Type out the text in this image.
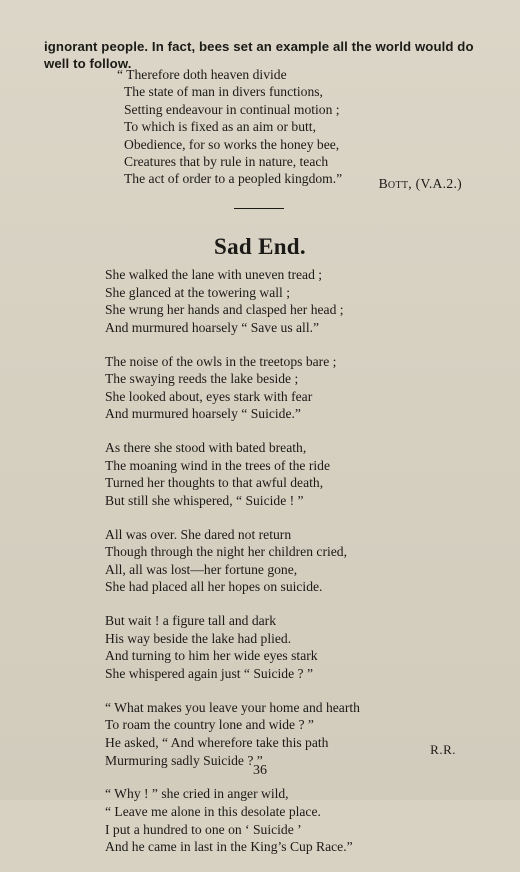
ignorant people. In fact, bees set an example all the world would do well to follow.
“ Therefore doth heaven divide
The state of man in divers functions,
Setting endeavour in continual motion ;
To which is fixed as an aim or butt,
Obedience, for so works the honey bee,
Creatures that by rule in nature, teach
The act of order to a peopled kingdom.”	Bott, (V.A.2.)
Sad End.
She walked the lane with uneven tread ;
She glanced at the towering wall ;
She wrung her hands and clasped her head ;
And murmured hoarsely “ Save us all.”
The noise of the owls in the treetops bare ;
The swaying reeds the lake beside ;
She looked about, eyes stark with fear
And murmured hoarsely “ Suicide.”
As there she stood with bated breath,
The moaning wind in the trees of the ride
Turned her thoughts to that awful death,
But still she whispered, “ Suicide ! ”
All was over. She dared not return
Though through the night her children cried,
All, all was lost—her fortune gone,
She had placed all her hopes on suicide.
But wait ! a figure tall and dark
His way beside the lake had plied.
And turning to him her wide eyes stark
She whispered again just “ Suicide ? ”
“ What makes you leave your home and hearth
To roam the country lone and wide ? ”
He asked, “ And wherefore take this path
Murmuring sadly Suicide ? ”
“ Why ! ” she cried in anger wild,
“ Leave me alone in this desolate place.
I put a hundred to one on ‘ Suicide ’
And he came in last in the King’s Cup Race.”
R.R.
36
